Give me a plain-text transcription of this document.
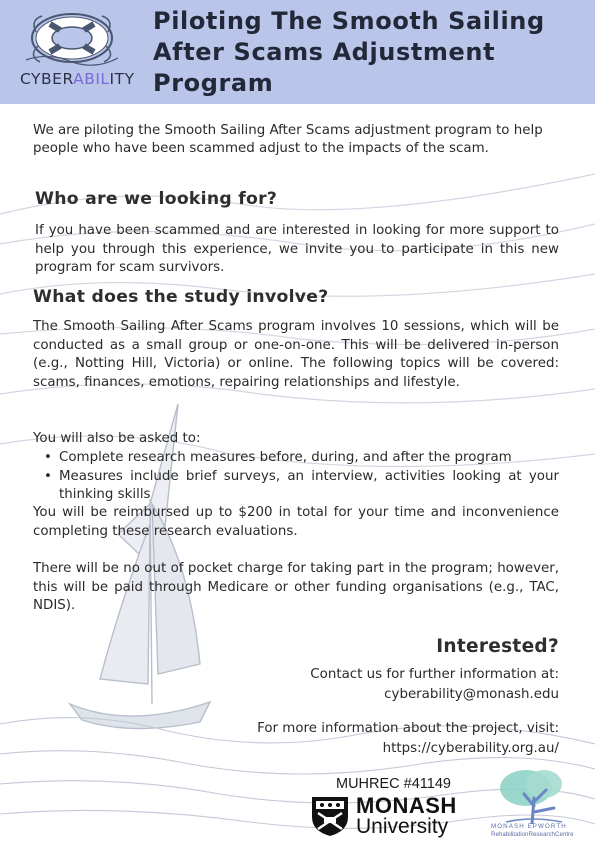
CYBERABILITY
Piloting The Smooth Sailing After Scams Adjustment Program
We are piloting the Smooth Sailing After Scams adjustment program to help people who have been scammed adjust to the impacts of the scam.
Who are we looking for?
If you have been scammed and are interested in looking for more support to help you through this experience, we invite you to participate in this new program for scam survivors.
What does the study involve?
The Smooth Sailing After Scams program involves 10 sessions, which will be conducted as a small group or one-on-one. This will be delivered in-person (e.g., Notting Hill, Victoria) or online. The following topics will be covered: scams, finances, emotions, repairing relationships and lifestyle.
You will also be asked to:
• Complete research measures before, during, and after the program
• Measures include brief surveys, an interview, activities looking at your thinking skills
You will be reimbursed up to $200 in total for your time and inconvenience completing these research evaluations.
There will be no out of pocket charge for taking part in the program; however, this will be paid through Medicare or other funding organisations (e.g., TAC, NDIS).
Interested?
Contact us for further information at:
cyberability@monash.edu
For more information about the project, visit:
https://cyberability.org.au/
MUHREC #41149
MONASH
University	MONASH EPWORTH
RehabilitationResearchCentre
